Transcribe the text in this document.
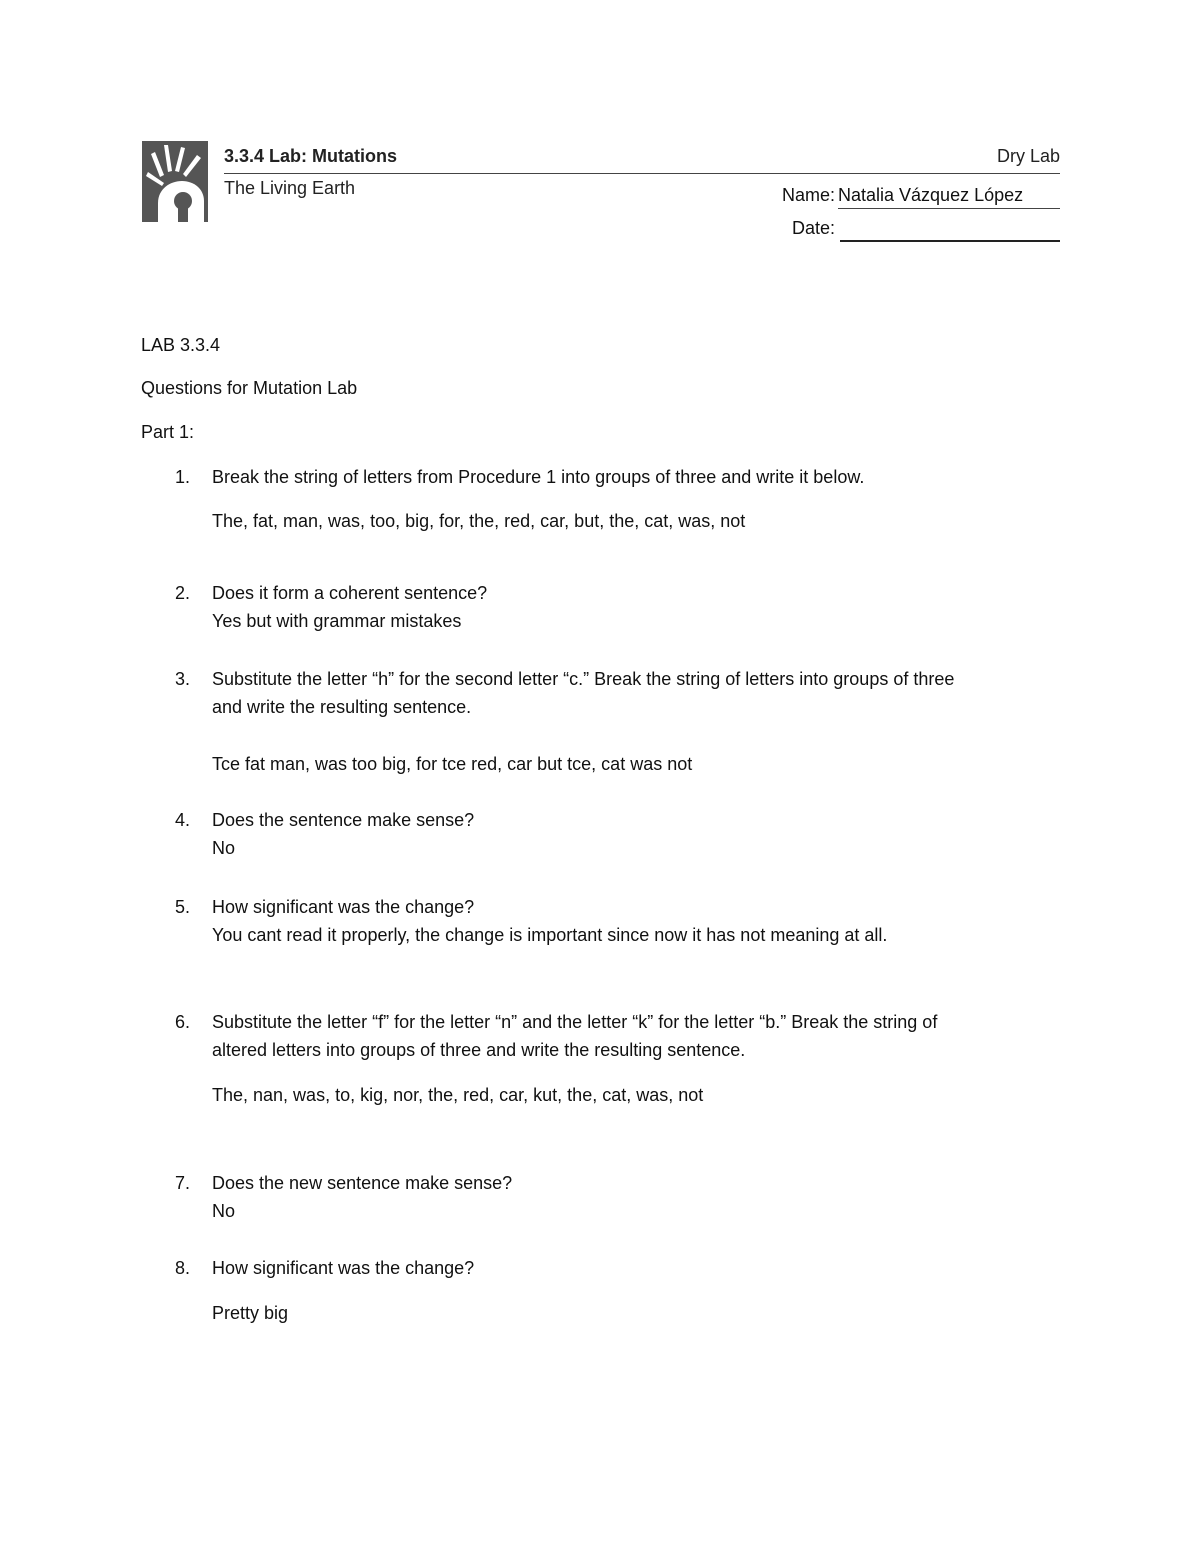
3.3.4 Lab: Mutations	Dry Lab
The Living Earth	Name: Natalia Vázquez López
Date:
LAB 3.3.4
Questions for Mutation Lab
Part 1:
1. Break the string of letters from Procedure 1 into groups of three and write it below.
The, fat, man, was, too, big, for, the, red, car, but, the, cat, was, not
2. Does it form a coherent sentence?
Yes but with grammar mistakes
3. Substitute the letter “h” for the second letter “c.” Break the string of letters into groups of three
and write the resulting sentence.
Tce fat man, was too big, for tce red, car but tce, cat was not
4. Does the sentence make sense?
No
5. How significant was the change?
You cant read it properly, the change is important since now it has not meaning at all.
6. Substitute the letter “f” for the letter “n” and the letter “k” for the letter “b.” Break the string of
altered letters into groups of three and write the resulting sentence.
The, nan, was, to, kig, nor, the, red, car, kut, the, cat, was, not
7. Does the new sentence make sense?
No
8. How significant was the change?
Pretty big
